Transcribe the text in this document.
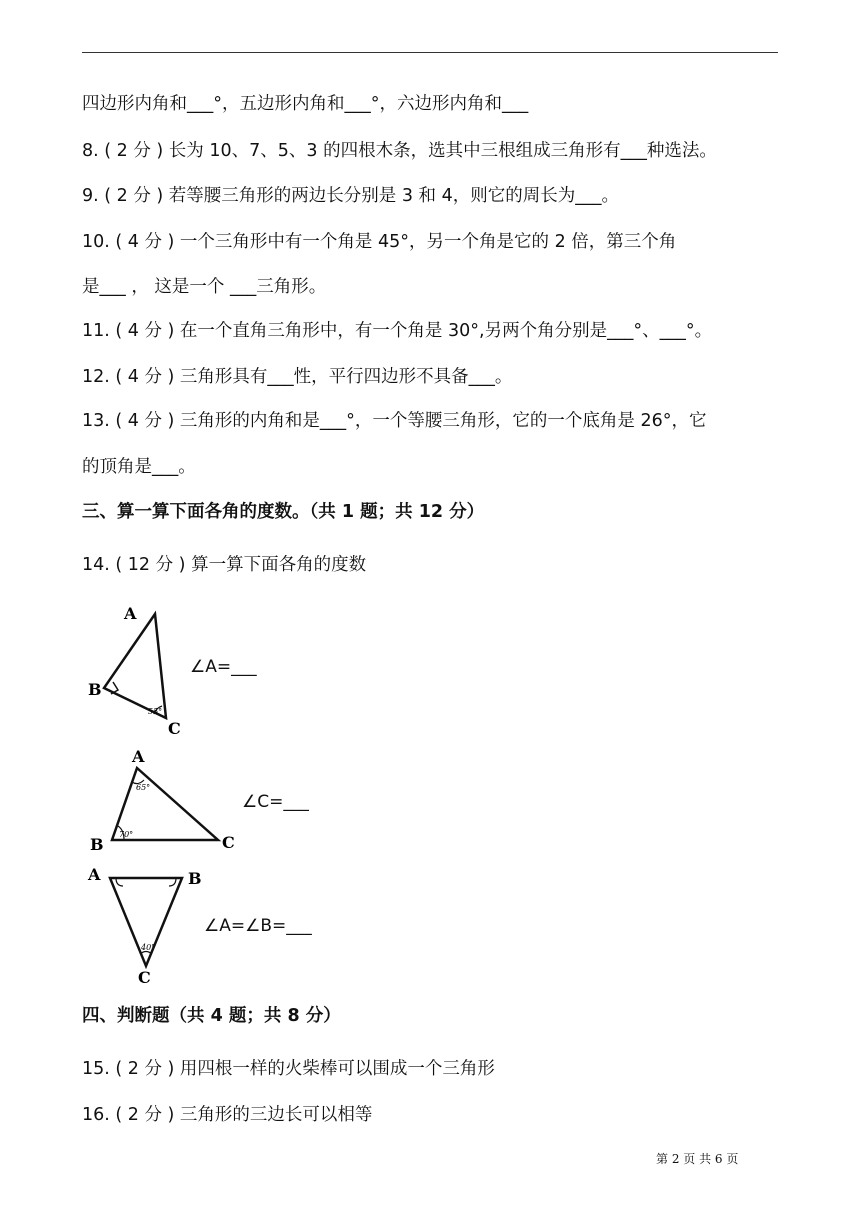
四边形内角和___°，五边形内角和___°，六边形内角和___
8. ( 2 分 ) 长为 10、7、5、3 的四根木条，选其中三根组成三角形有___种选法。
9. ( 2 分 ) 若等腰三角形的两边长分别是 3 和 4，则它的周长为___。
10. ( 4 分 ) 一个三角形中有一个角是 45°，另一个角是它的 2 倍，第三个角
是___ ， 这是一个 ___三角形。
11. ( 4 分 ) 在一个直角三角形中，有一个角是 30°,另两个角分别是___°、___°。
12. ( 4 分 ) 三角形具有___性，平行四边形不具备___。
13. ( 4 分 ) 三角形的内角和是___°，一个等腰三角形，它的一个底角是 26°，它
的顶角是___。
三、算一算下面各角的度数。（共 1 题；共 12 分）
14. ( 12 分 ) 算一算下面各角的度数
A
B
C
55°
∠A=___
A
B	C
65°
70°
∠C=___
A	B
C
40°
∠A=∠B=___
四、判断题（共 4 题；共 8 分）
15. ( 2 分 ) 用四根一样的火柴棒可以围成一个三角形
16. ( 2 分 ) 三角形的三边长可以相等
第 2 页 共 6 页
